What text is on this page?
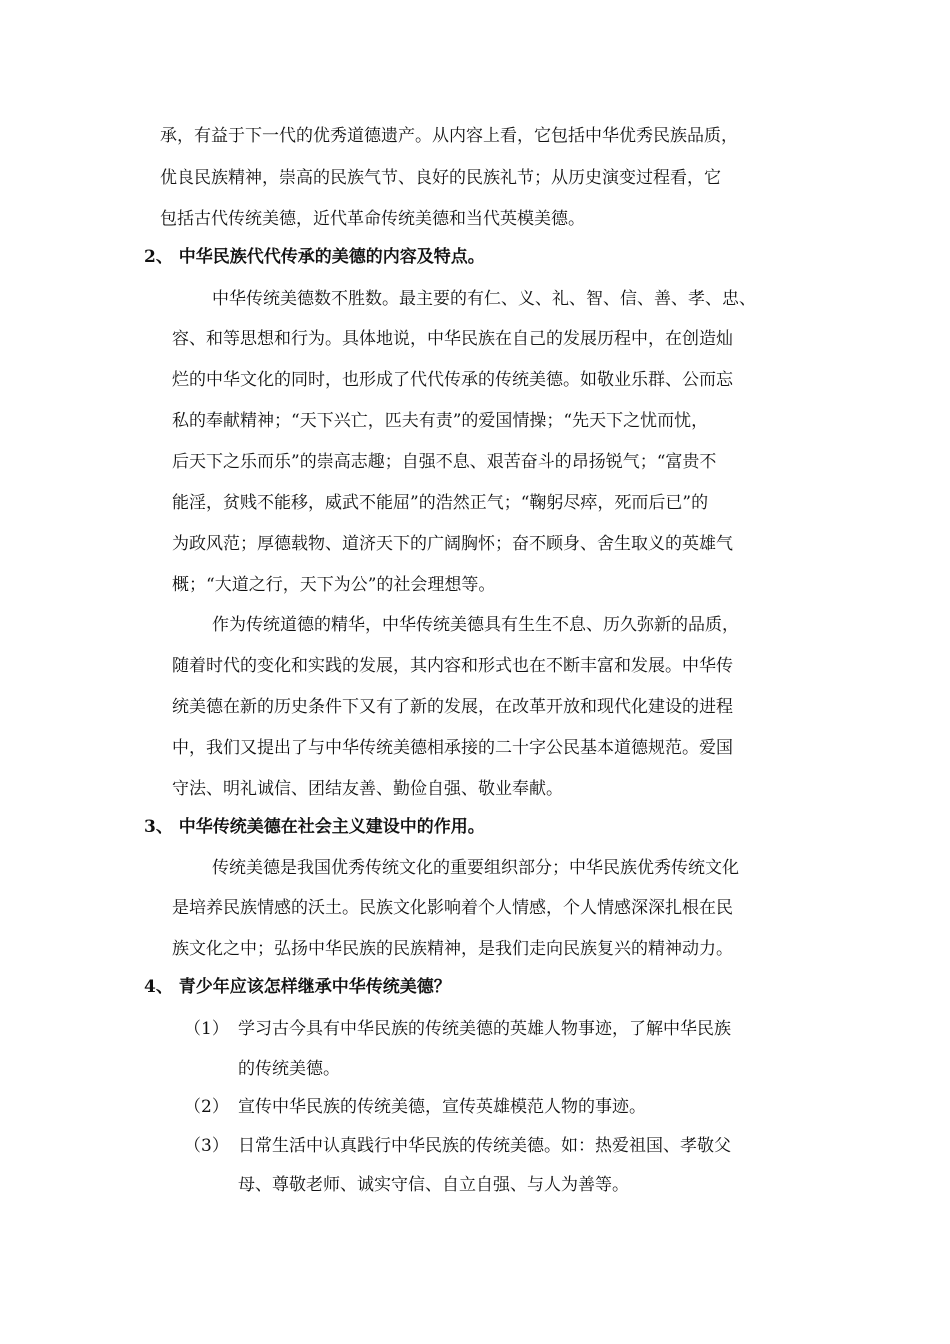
承，有益于下一代的优秀道德遗产。从内容上看，它包括中华优秀民族品质，
优良民族精神，崇高的民族气节、良好的民族礼节；从历史演变过程看，它
包括古代传统美德，近代革命传统美德和当代英模美德。
2、 中华民族代代传承的美德的内容及特点。
中华传统美德数不胜数。最主要的有仁、义、礼、智、信、善、孝、忠、
容、和等思想和行为。具体地说，中华民族在自己的发展历程中，在创造灿
烂的中华文化的同时，也形成了代代传承的传统美德。如敬业乐群、公而忘
私的奉献精神；“天下兴亡，匹夫有责”的爱国情操；“先天下之忧而忧，
后天下之乐而乐”的崇高志趣；自强不息、艰苦奋斗的昂扬锐气；“富贵不
能淫，贫贱不能移，威武不能屈”的浩然正气；“鞠躬尽瘁，死而后已”的
为政风范；厚德载物、道济天下的广阔胸怀；奋不顾身、舍生取义的英雄气
概；“大道之行，天下为公”的社会理想等。
作为传统道德的精华，中华传统美德具有生生不息、历久弥新的品质，
随着时代的变化和实践的发展，其内容和形式也在不断丰富和发展。中华传
统美德在新的历史条件下又有了新的发展，在改革开放和现代化建设的进程
中，我们又提出了与中华传统美德相承接的二十字公民基本道德规范。爱国
守法、明礼诚信、团结友善、勤俭自强、敬业奉献。
3、 中华传统美德在社会主义建设中的作用。
传统美德是我国优秀传统文化的重要组织部分；中华民族优秀传统文化
是培养民族情感的沃土。民族文化影响着个人情感，个人情感深深扎根在民
族文化之中；弘扬中华民族的民族精神，是我们走向民族复兴的精神动力。
4、 青少年应该怎样继承中华传统美德？
（1） 学习古今具有中华民族的传统美德的英雄人物事迹，了解中华民族
的传统美德。
（2） 宣传中华民族的传统美德，宣传英雄模范人物的事迹。
（3） 日常生活中认真践行中华民族的传统美德。如：热爱祖国、孝敬父
母、尊敬老师、诚实守信、自立自强、与人为善等。
